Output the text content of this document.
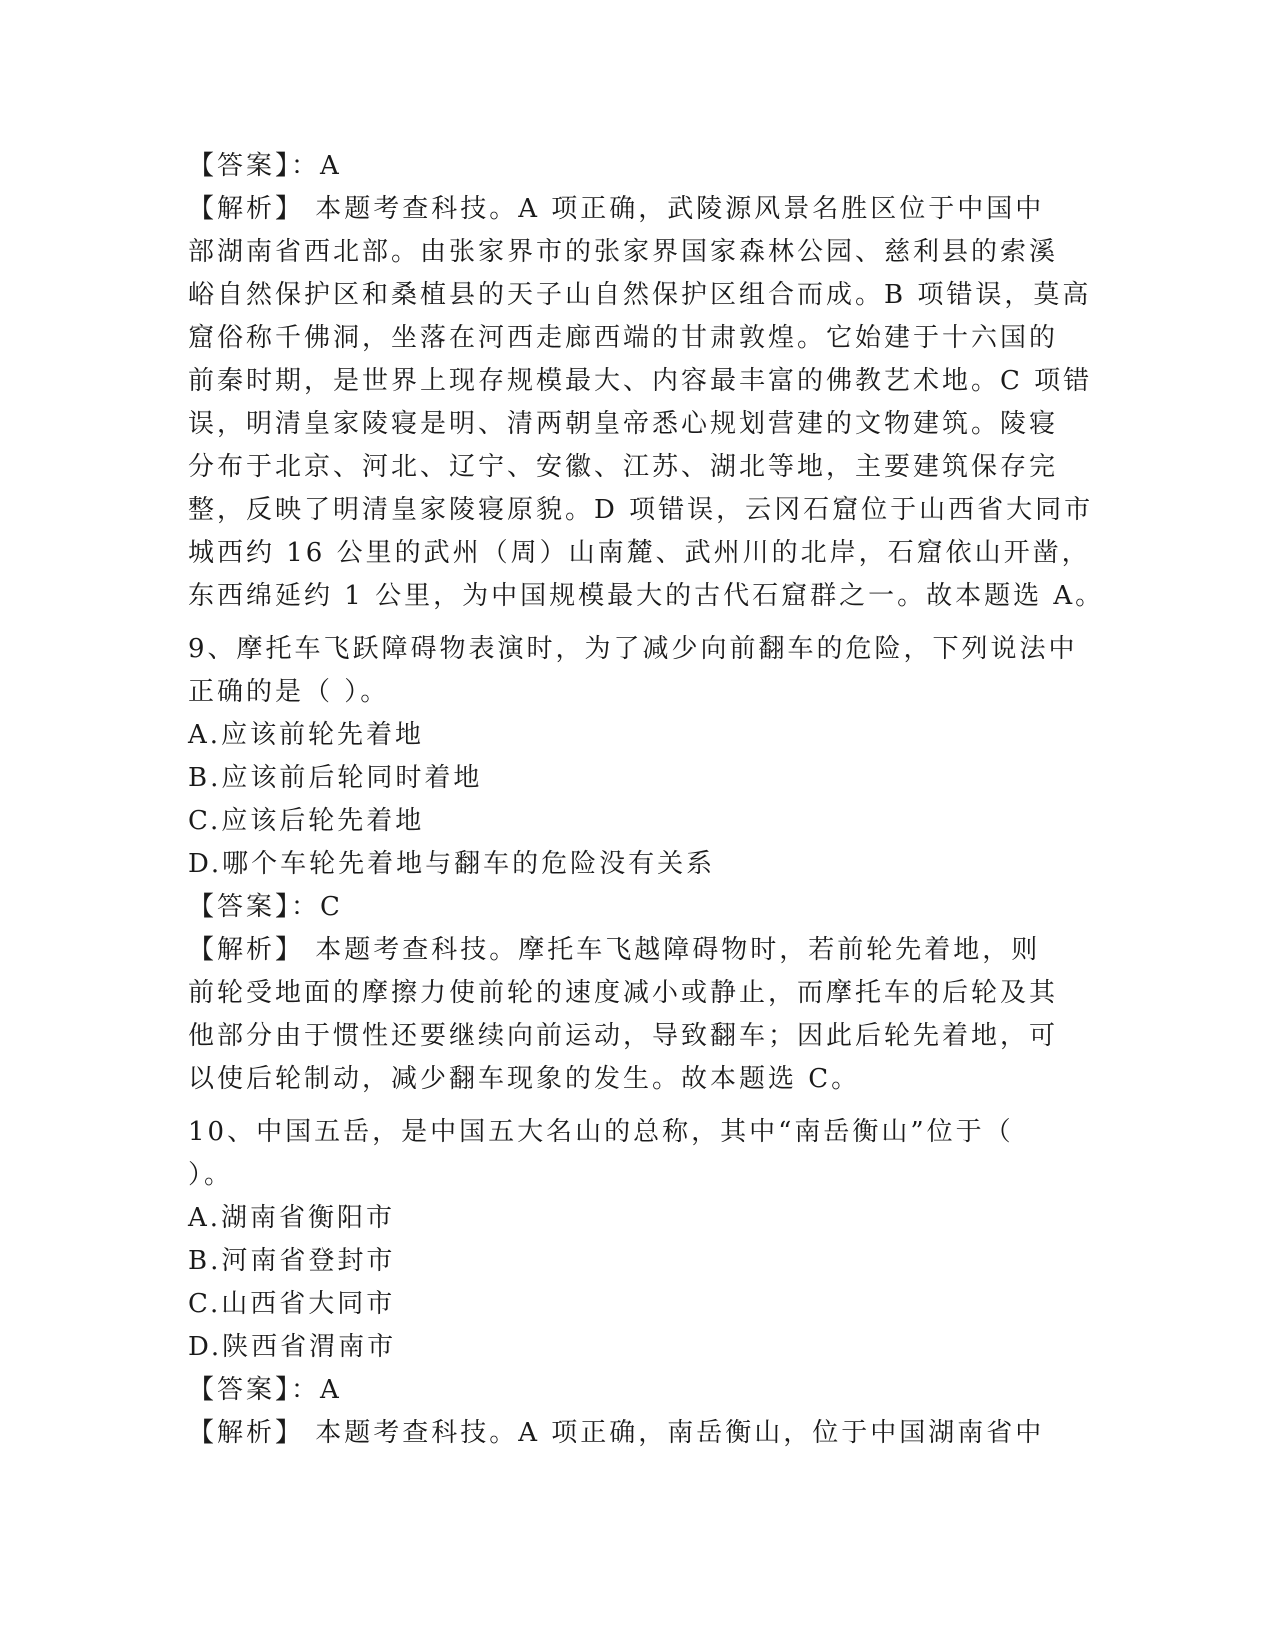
【答案】：A
【解析】 本题考查科技。A 项正确，武陵源风景名胜区位于中国中
部湖南省西北部。由张家界市的张家界国家森林公园、慈利县的索溪
峪自然保护区和桑植县的天子山自然保护区组合而成。B 项错误，莫高
窟俗称千佛洞，坐落在河西走廊西端的甘肃敦煌。它始建于十六国的
前秦时期，是世界上现存规模最大、内容最丰富的佛教艺术地。C 项错
误，明清皇家陵寝是明、清两朝皇帝悉心规划营建的文物建筑。陵寝
分布于北京、河北、辽宁、安徽、江苏、湖北等地，主要建筑保存完
整，反映了明清皇家陵寝原貌。D 项错误，云冈石窟位于山西省大同市
城西约 16 公里的武州（周）山南麓、武州川的北岸，石窟依山开凿，
东西绵延约 1 公里，为中国规模最大的古代石窟群之一。故本题选 A。
9、摩托车飞跃障碍物表演时，为了减少向前翻车的危险，下列说法中
正确的是（ ）。
A.应该前轮先着地
B.应该前后轮同时着地
C.应该后轮先着地
D.哪个车轮先着地与翻车的危险没有关系
【答案】：C
【解析】 本题考查科技。摩托车飞越障碍物时，若前轮先着地，则
前轮受地面的摩擦力使前轮的速度减小或静止，而摩托车的后轮及其
他部分由于惯性还要继续向前运动，导致翻车；因此后轮先着地，可
以使后轮制动，减少翻车现象的发生。故本题选 C。
10、中国五岳，是中国五大名山的总称，其中“南岳衡山”位于（
）。
A.湖南省衡阳市
B.河南省登封市
C.山西省大同市
D.陕西省渭南市
【答案】：A
【解析】 本题考查科技。A 项正确，南岳衡山，位于中国湖南省中
